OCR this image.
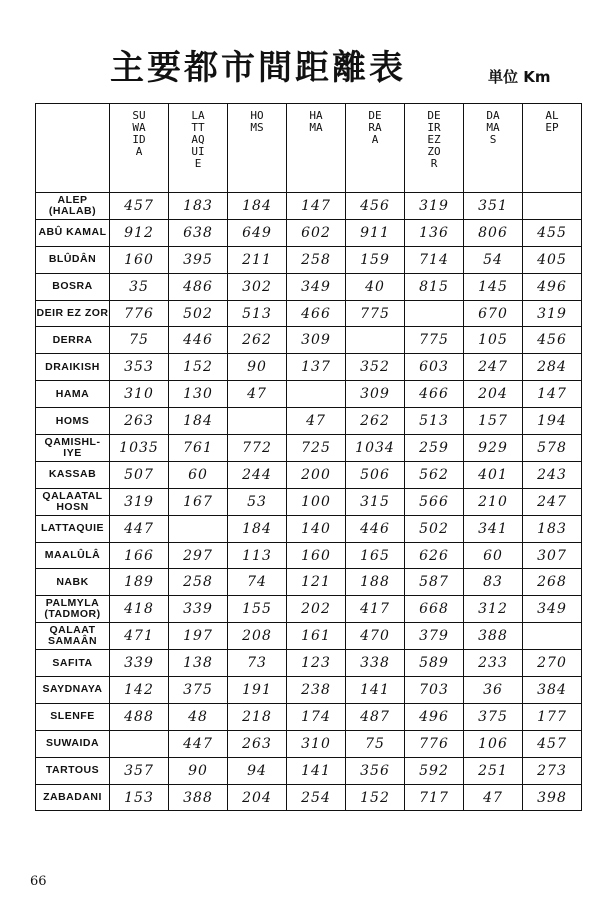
主要都市間距離表	単位 Km
	SUWAIDA	LATTAQUIE	HOMS	HAMA	DERAA	DEIR EZ ZOR	DAMAS	ALEP
ALEP (HALAB)	457	183	184	147	456	319	351	
ABÛ KAMAL	912	638	649	602	911	136	806	455
BLÛDÂN	160	395	211	258	159	714	54	405
BOSRA	35	486	302	349	40	815	145	496
DEIR EZ ZOR	776	502	513	466	775		670	319
DERRA	75	446	262	309		775	105	456
DRAIKISH	353	152	90	137	352	603	247	284
HAMA	310	130	47		309	466	204	147
HOMS	263	184		47	262	513	157	194
QAMISHL-IYE	1035	761	772	725	1034	259	929	578
KASSAB	507	60	244	200	506	562	401	243
QALAATAL HOSN	319	167	53	100	315	566	210	247
LATTAQUIE	447		184	140	446	502	341	183
MAALÛLÂ	166	297	113	160	165	626	60	307
NABK	189	258	74	121	188	587	83	268
PALMYLA (TADMOR)	418	339	155	202	417	668	312	349
QALAAT SAMAÂN	471	197	208	161	470	379	388	
SAFITA	339	138	73	123	338	589	233	270
SAYDNAYA	142	375	191	238	141	703	36	384
SLENFE	488	48	218	174	487	496	375	177
SUWAIDA		447	263	310	75	776	106	457
TARTOUS	357	90	94	141	356	592	251	273
ZABADANI	153	388	204	254	152	717	47	398
66
